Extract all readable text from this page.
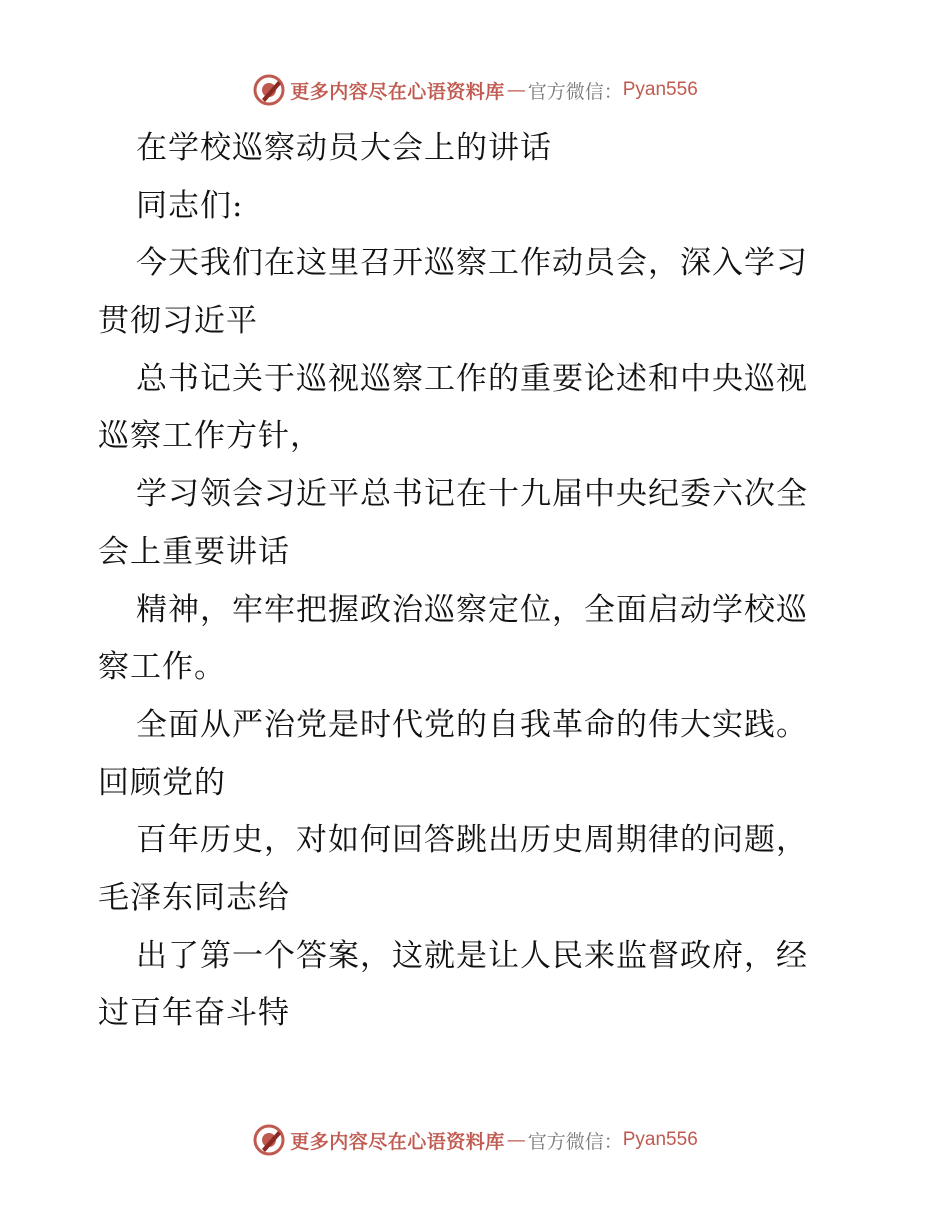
更多内容尽在心语资料库 — 官方微信： Pyan556
在学校巡察动员大会上的讲话
同志们:
今天我们在这里召开巡察工作动员会，深入学习
贯彻习近平
总书记关于巡视巡察工作的重要论述和中央巡视
巡察工作方针，
学习领会习近平总书记在十九届中央纪委六次全
会上重要讲话
精神，牢牢把握政治巡察定位，全面启动学校巡
察工作。
全面从严治党是时代党的自我革命的伟大实践。
回顾党的
百年历史，对如何回答跳出历史周期律的问题，
毛泽东同志给
出了第一个答案，这就是让人民来监督政府，经
过百年奋斗特
更多内容尽在心语资料库 — 官方微信： Pyan556
